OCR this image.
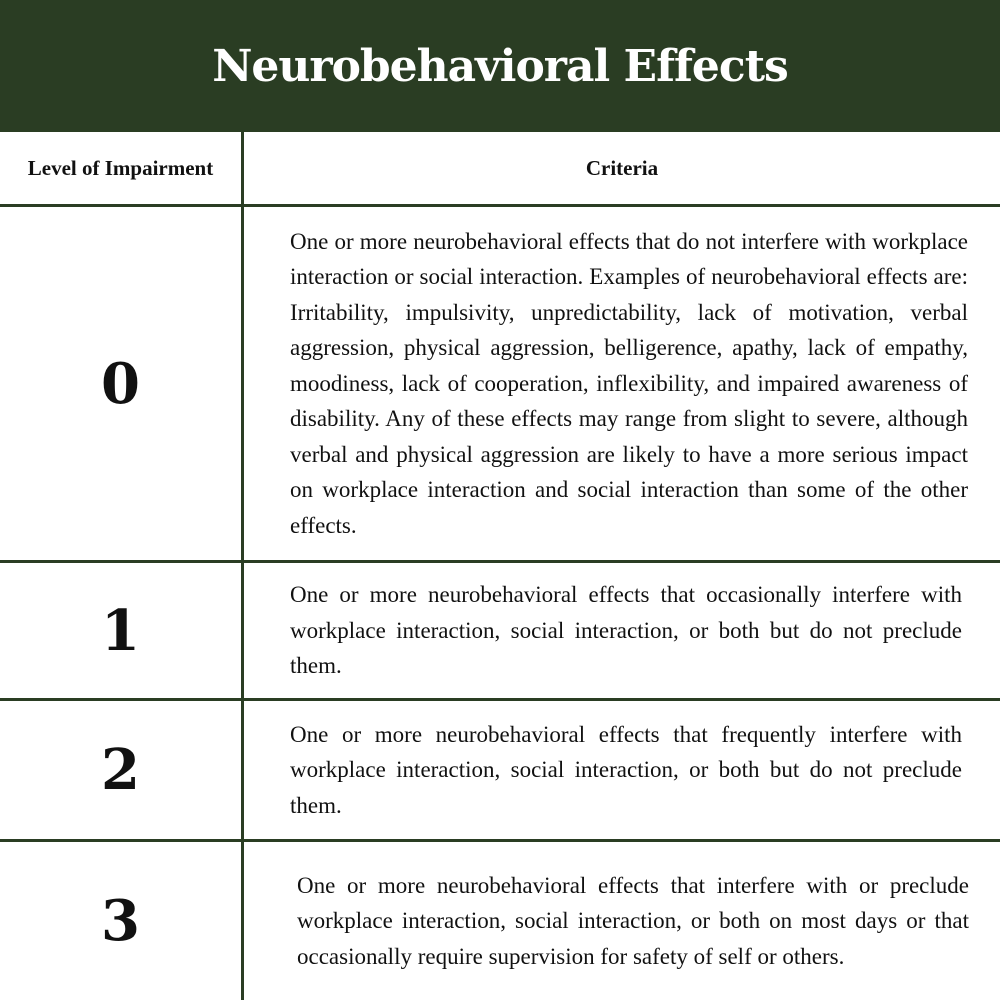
Neurobehavioral Effects
Level of Impairment	Criteria
0
One or more neurobehavioral effects that do not interfere with workplace interaction or social interaction. Examples of neurobehavioral effects are: Irritability, impulsivity, unpredictability, lack of motivation, verbal aggression, physical aggression, belligerence, apathy, lack of empathy, moodiness, lack of cooperation, inflexibility, and impaired awareness of disability. Any of these effects may range from slight to severe, although verbal and physical aggression are likely to have a more serious impact on workplace interaction and social interaction than some of the other effects.
1
One or more neurobehavioral effects that occasionally interfere with workplace interaction, social interaction, or both but do not preclude them.
2
One or more neurobehavioral effects that frequently interfere with workplace interaction, social interaction, or both but do not preclude them.
3
One or more neurobehavioral effects that interfere with or preclude workplace interaction, social interaction, or both on most days or that occasionally require supervision for safety of self or others.
